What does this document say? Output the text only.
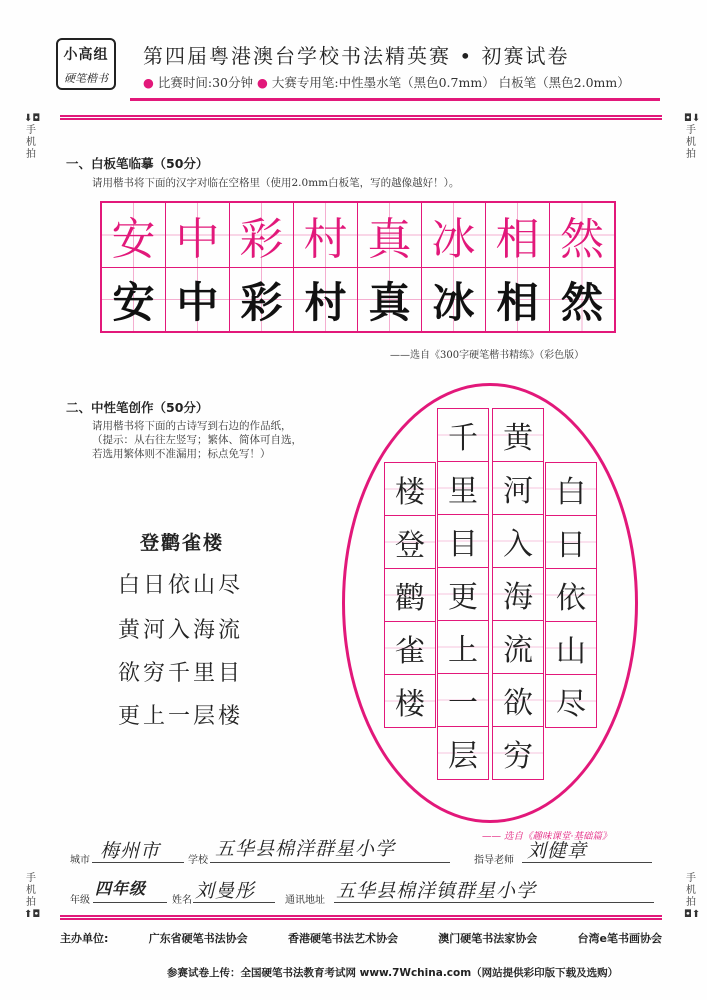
小高组
硬笔楷书
第四届粤港澳台学校书法精英赛 • 初赛试卷
● 比赛时间:30分钟 ● 大赛专用笔:中性墨水笔（黑色0.7mm） 白板笔（黑色2.0mm）
⬇◘
手机拍
◘⬇
手机拍
手机拍
⬆◘
手机拍
◘⬆
一、白板笔临摹（50分）
请用楷书将下面的汉字对临在空格里（使用2.0mm白板笔，写的越像越好！）。
安 中 彩 村 真 冰 相 然
安 中 彩 村 真 冰 相 然
——选自《300字硬笔楷书精练》（彩色版）
二、中性笔创作（50分）
请用楷书将下面的古诗写到右边的作品纸，
（提示：从右往左竖写；繁体、简体可自选，
若选用繁体则不准漏用；标点免写！）
登鹳雀楼
白日依山尽
黄河入海流
欲穷千里目
更上一层楼
白
日
依
山
尽
黄
河
入
海
流
欲
穷
千
里
目
更
上
一
层
楼
登
鹳
雀
楼
—— 选自《趣味课堂·基础篇》
城市 梅州市	学校
五华县棉洋群星小学
指导老师 刘健章
年级
四年级
姓名 刘曼彤	通讯地址 五华县棉洋镇群星小学
主办单位:	广东省硬笔书法协会	香港硬笔书法艺术协会	澳门硬笔书法家协会	台湾e笔书画协会
参赛试卷上传：全国硬笔书法教育考试网 www.7Wchina.com（网站提供彩印版下载及选购）
